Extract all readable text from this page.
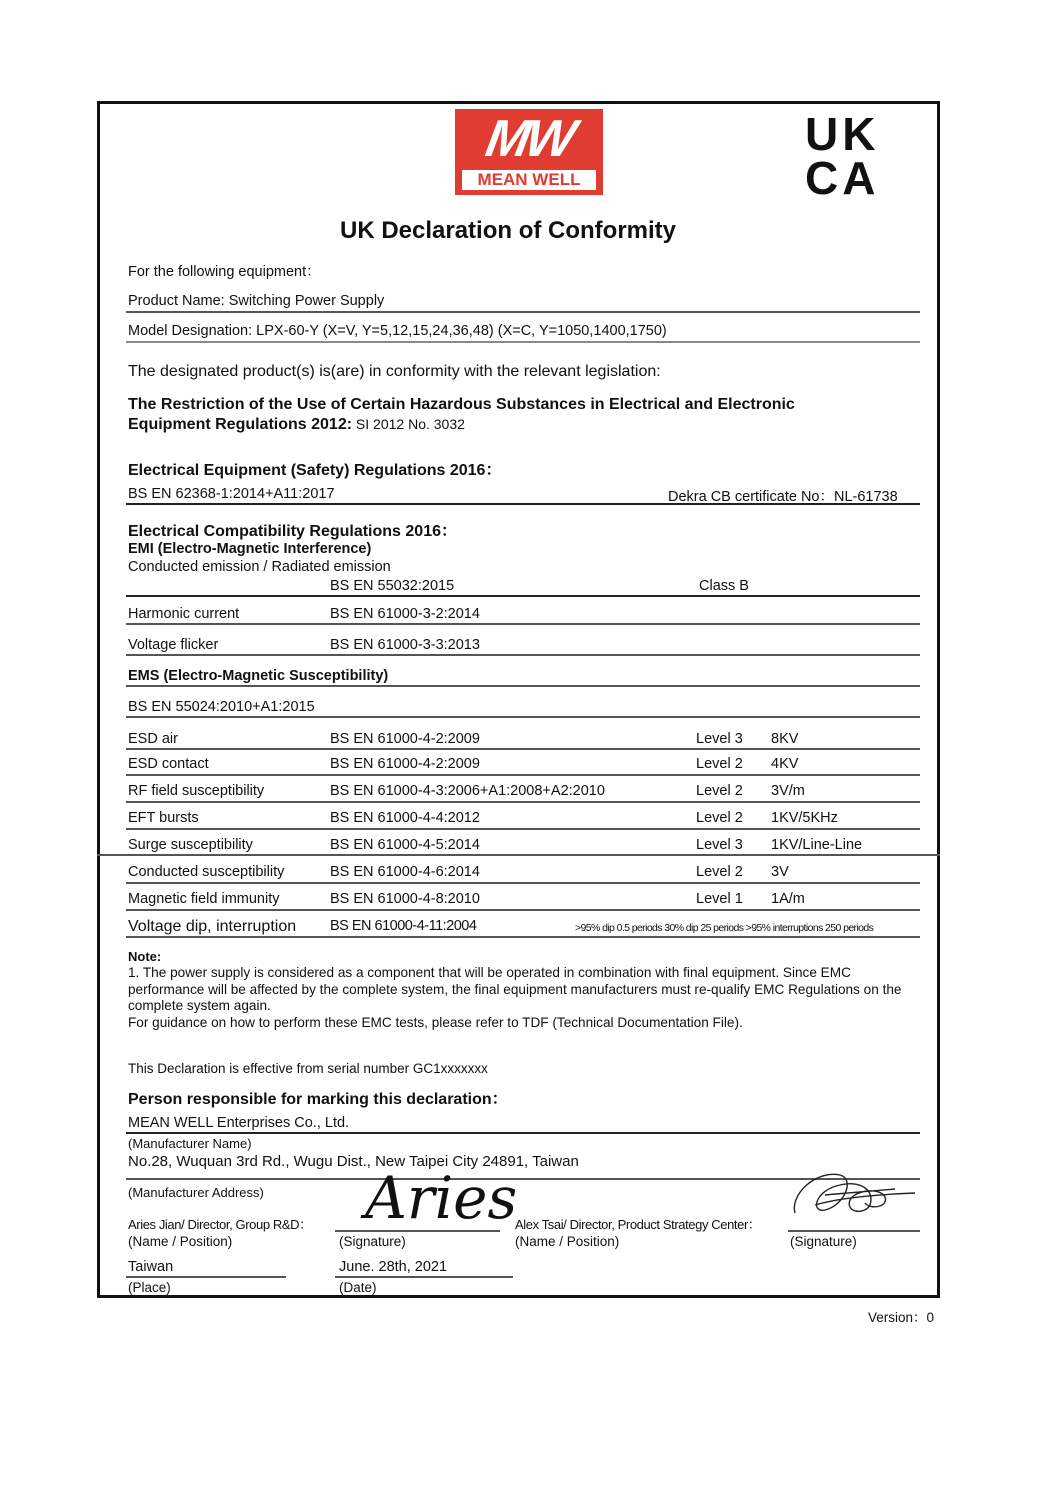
MW
MEAN WELL
UK
CA
UK Declaration of Conformity
For the following equipment：
Product Name: Switching Power Supply
Model Designation: LPX-60-Y (X=V, Y=5,12,15,24,36,48) (X=C, Y=1050,1400,1750)
The designated product(s) is(are) in conformity with the relevant legislation:
The Restriction of the Use of Certain Hazardous Substances in Electrical and Electronic
Equipment Regulations 2012: SI 2012 No. 3032
Electrical Equipment (Safety) Regulations 2016：
BS EN 62368-1:2014+A11:2017	Dekra CB certificate No：NL-61738
Electrical Compatibility Regulations 2016：
EMI (Electro-Magnetic Interference)
Conducted emission / Radiated emission
BS EN 55032:2015	Class B
Harmonic current	BS EN 61000-3-2:2014
Voltage flicker	BS EN 61000-3-3:2013
EMS (Electro-Magnetic Susceptibility)
BS EN 55024:2010+A1:2015
ESD air	BS EN 61000-4-2:2009	Level 3 8KV
ESD contact	BS EN 61000-4-2:2009	Level 2 4KV
RF field susceptibility	BS EN 61000-4-3:2006+A1:2008+A2:2010	Level 2 3V/m
EFT bursts	BS EN 61000-4-4:2012	Level 2 1KV/5KHz
Surge susceptibility	BS EN 61000-4-5:2014	Level 3 1KV/Line-Line
Conducted susceptibility	BS EN 61000-4-6:2014	Level 2 3V
Magnetic field immunity	BS EN 61000-4-8:2010	Level 1 1A/m
Voltage dip, interruption BS EN 61000-4-11:2004	>95% dip 0.5 periods 30% dip 25 periods >95% interruptions 250 periods
Note:
1. The power supply is considered as a component that will be operated in combination with final equipment. Since EMC performance will be affected by the complete system, the final equipment manufacturers must re-qualify EMC Regulations on the complete system again.
For guidance on how to perform these EMC tests, please refer to TDF (Technical Documentation File).
This Declaration is effective from serial number GC1xxxxxxx
Person responsible for marking this declaration：
MEAN WELL Enterprises Co., Ltd.
(Manufacturer Name)
No.28, Wuquan 3rd Rd., Wugu Dist., New Taipei City 24891, Taiwan
(Manufacturer Address)
Aries Jian/ Director, Group R&D： Aries
Alex Tsai/ Director, Product Strategy Center：
(Name / Position)	(Signature)	(Name / Position)	(Signature)
Taiwan	June. 28th, 2021
(Place)	(Date)
Version：0
